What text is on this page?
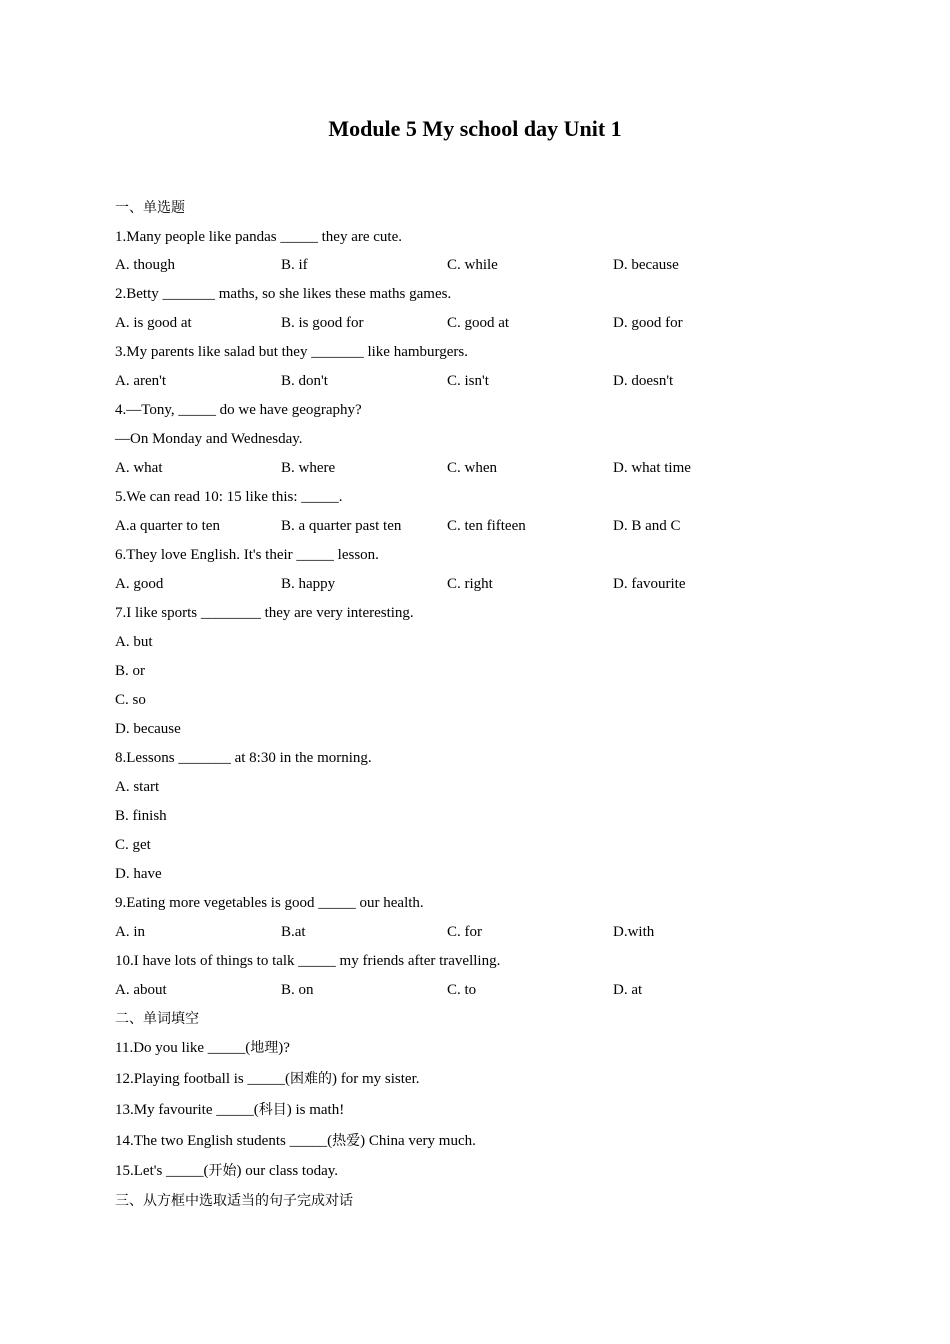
Module 5 My school day Unit 1
一、单选题
1.Many people like pandas _____ they are cute.
A. though	B. if	C. while	D. because
2.Betty _______ maths, so she likes these maths games.
A. is good at	B. is good for	C. good at	D. good for
3.My parents like salad but they _______ like hamburgers.
A. aren't	B. don't	C. isn't	D. doesn't
4.—Tony, _____ do we have geography?
—On Monday and Wednesday.
A. what	B. where	C. when	D. what time
5.We can read 10: 15 like this: _____.
A.a quarter to ten	B. a quarter past ten	C. ten fifteen	D. B and C
6.They love English. It's their _____ lesson.
A. good	B. happy	C. right	D. favourite
7.I like sports ________ they are very interesting.
A. but
B. or
C. so
D. because
8.Lessons _______ at 8:30 in the morning.
A. start
B. finish
C. get
D. have
9.Eating more vegetables is good _____ our health.
A. in	B.at	C. for	D.with
10.I have lots of things to talk _____ my friends after travelling.
A. about	B. on	C. to	D. at
二、单词填空
11.Do you like _____(地理)?
12.Playing football is _____(困难的) for my sister.
13.My favourite _____(科目) is math!
14.The two English students _____(热爱) China very much.
15.Let's _____(开始) our class today.
三、从方框中选取适当的句子完成对话
